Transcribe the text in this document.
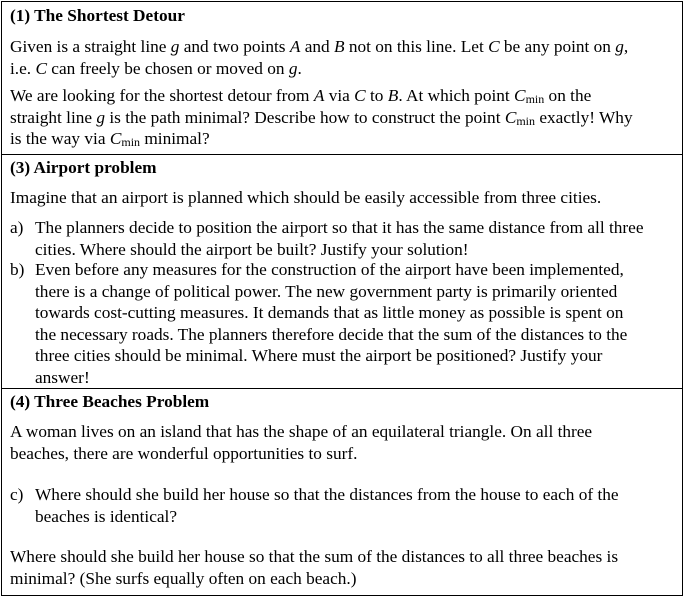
(1) The Shortest Detour
Given is a straight line g and two points A and B not on this line. Let C be any point on g,
i.e. C can freely be chosen or moved on g.
We are looking for the shortest detour from A via C to B. At which point $C_{min}$ on the
straight line g is the path minimal? Describe how to construct the point $C_{min}$ exactly! Why
is the way via $C_{min}$ minimal?
(3) Airport problem
Imagine that an airport is planned which should be easily accessible from three cities.
a) The planners decide to position the airport so that it has the same distance from all three
cities. Where should the airport be built? Justify your solution!
b) Even before any measures for the construction of the airport have been implemented,
there is a change of political power. The new government party is primarily oriented
towards cost-cutting measures. It demands that as little money as possible is spent on
the necessary roads. The planners therefore decide that the sum of the distances to the
three cities should be minimal. Where must the airport be positioned? Justify your
answer!
(4) Three Beaches Problem
A woman lives on an island that has the shape of an equilateral triangle. On all three
beaches, there are wonderful opportunities to surf.
c) Where should she build her house so that the distances from the house to each of the
beaches is identical?
Where should she build her house so that the sum of the distances to all three beaches is
minimal? (She surfs equally often on each beach.)
